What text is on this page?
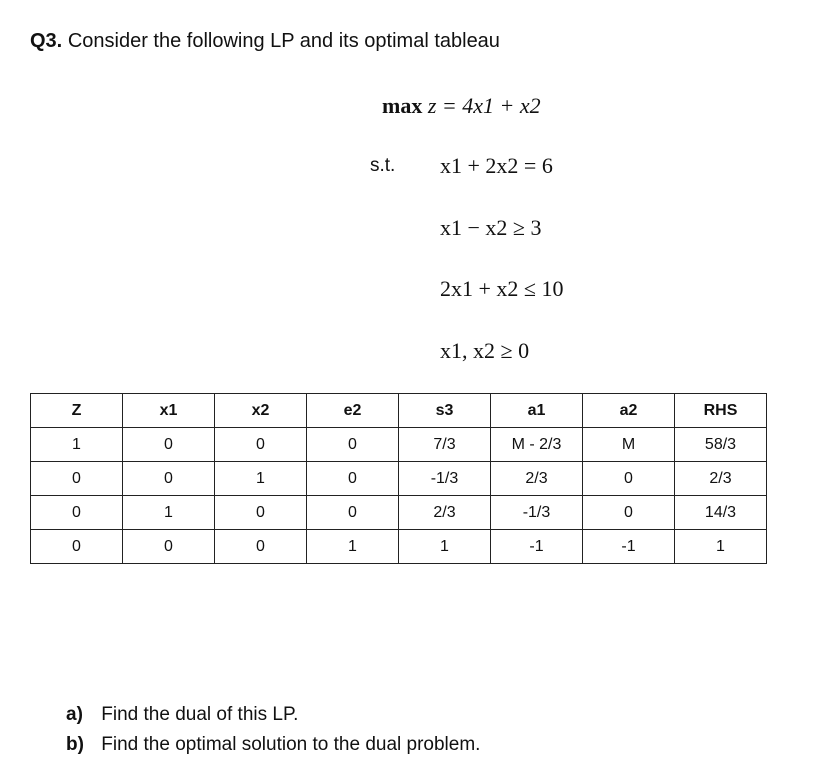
Q3. Consider the following LP and its optimal tableau
max z = 4x1 + x2
s.t. x1 + 2x2 = 6
x1 − x2 ≥ 3
2x1 + x2 ≤ 10
x1, x2 ≥ 0
Z	x1	x2	e2	s3	a1	a2	RHS
1	0	0	0	7/3	M - 2/3	M	58/3
0	0	1	0	-1/3	2/3	0	2/3
0	1	0	0	2/3	-1/3	0	14/3
0	0	0	1	1	-1	-1	1
a) Find the dual of this LP.
b) Find the optimal solution to the dual problem.
